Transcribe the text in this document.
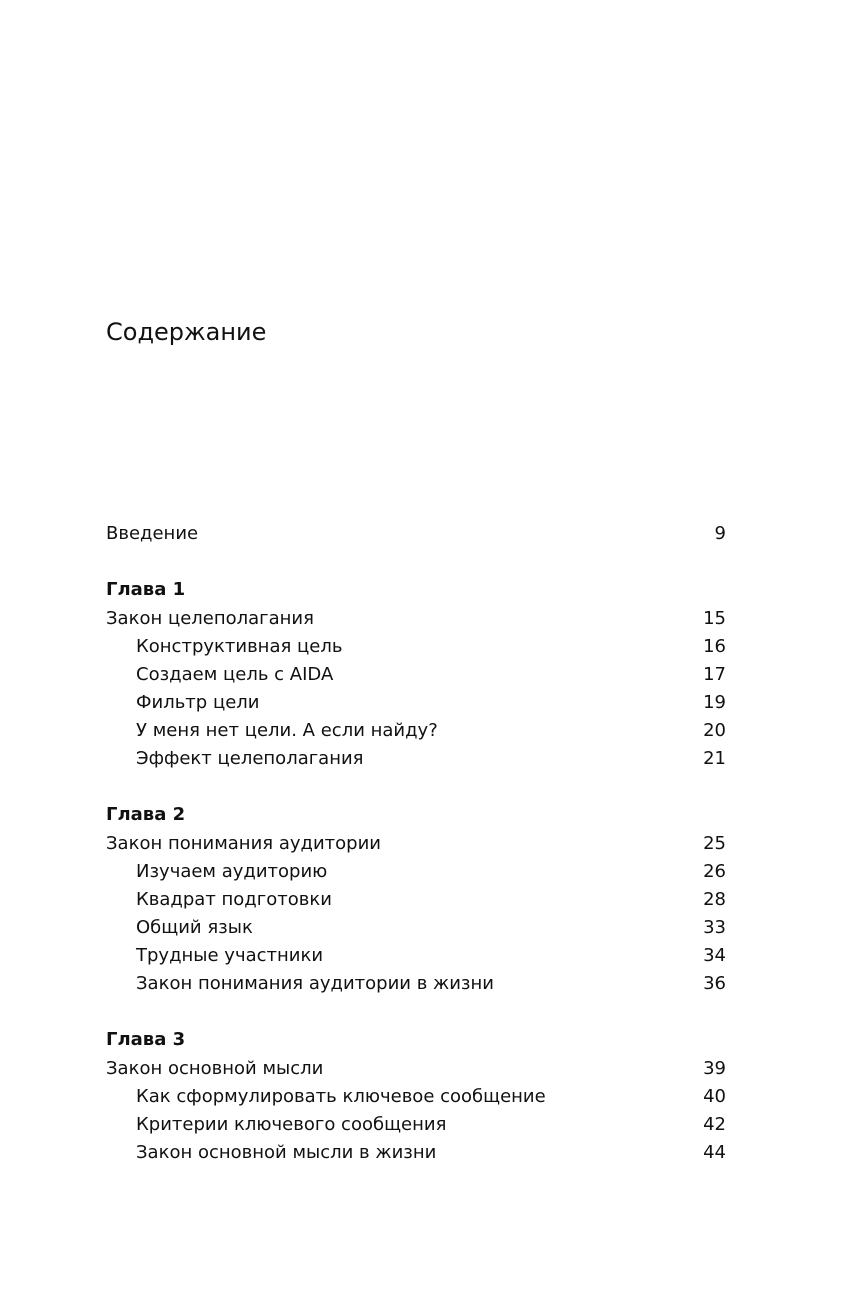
Содержание
Введение	9
Глава 1
Закон целеполагания	15
Конструктивная цель	16
Создаем цель с AIDA	17
Фильтр цели	19
У меня нет цели. А если найду?	20
Эффект целеполагания	21
Глава 2
Закон понимания аудитории	25
Изучаем аудиторию	26
Квадрат подготовки	28
Общий язык	33
Трудные участники	34
Закон понимания аудитории в жизни	36
Глава 3
Закон основной мысли	39
Как сформулировать ключевое сообщение	40
Критерии ключевого сообщения	42
Закон основной мысли в жизни	44
